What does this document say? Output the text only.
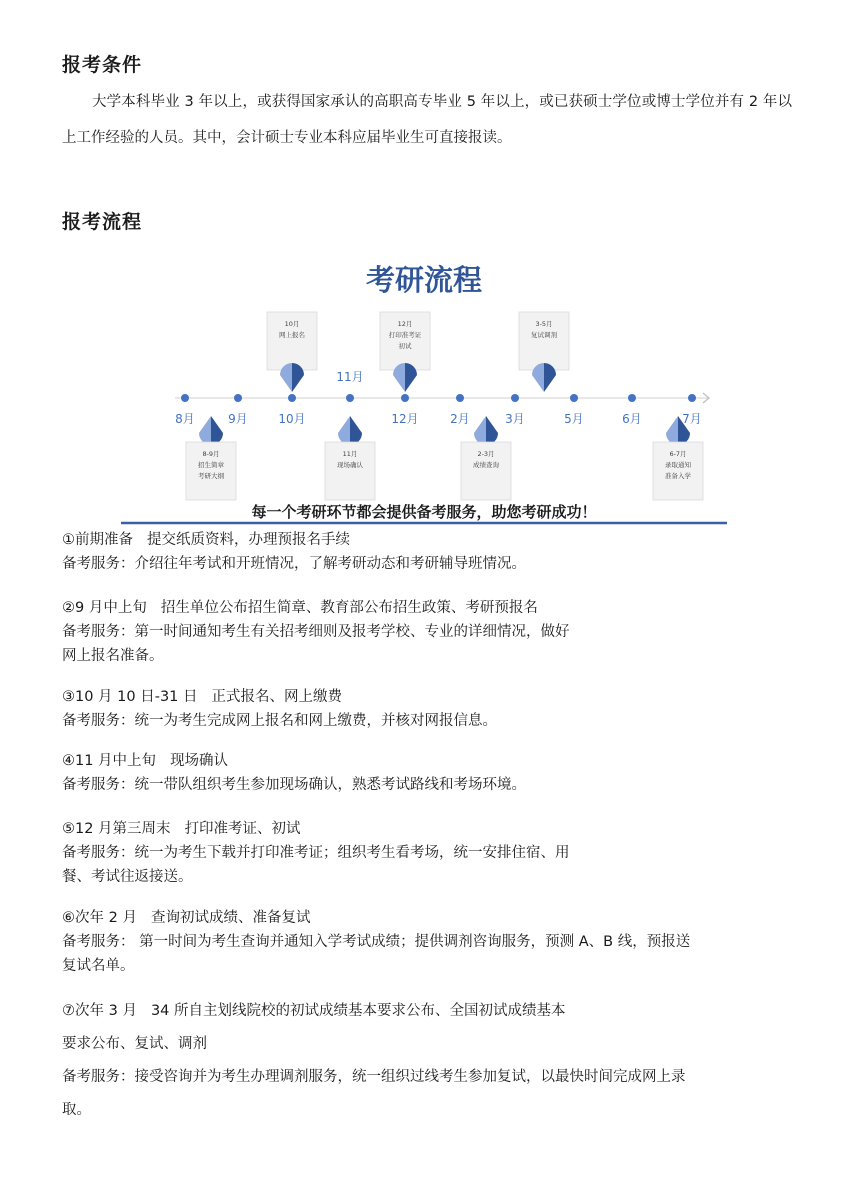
报考条件
大学本科毕业 3 年以上，或获得国家承认的高职高专毕业 5 年以上，或已获硕士学位或博士学位并有 2 年以上工作经验的人员。其中，会计硕士专业本科应届毕业生可直接报读。
报考流程
考研流程
8月	9月	10月
11月
12月	2月	3月	5月	6月	7月
10月
网上报名
12月
打印准考证
初试
3-5月
复试调剂
8-9月
招生简章
考研大纲
11月
现场确认
2-3月
成绩查询
6-7月
录取通知
准备入学
每一个考研环节都会提供备考服务，助您考研成功！
①前期准备 提交纸质资料，办理预报名手续
备考服务：介绍往年考试和开班情况，了解考研动态和考研辅导班情况。
②9 月中上旬 招生单位公布招生简章、教育部公布招生政策、考研预报名
备考服务：第一时间通知考生有关招考细则及报考学校、专业的详细情况，做好
网上报名准备。
③10 月 10 日-31 日 正式报名、网上缴费
备考服务：统一为考生完成网上报名和网上缴费，并核对网报信息。
④11 月中上旬 现场确认
备考服务：统一带队组织考生参加现场确认，熟悉考试路线和考场环境。
⑤12 月第三周末 打印准考证、初试
备考服务：统一为考生下载并打印准考证；组织考生看考场，统一安排住宿、用
餐、考试往返接送。
⑥次年 2 月 查询初试成绩、准备复试
备考服务： 第一时间为考生查询并通知入学考试成绩；提供调剂咨询服务，预测 A、B 线，预报送
复试名单。
⑦次年 3 月 34 所自主划线院校的初试成绩基本要求公布、全国初试成绩基本
要求公布、复试、调剂
备考服务：接受咨询并为考生办理调剂服务，统一组织过线考生参加复试，以最快时间完成网上录
取。
